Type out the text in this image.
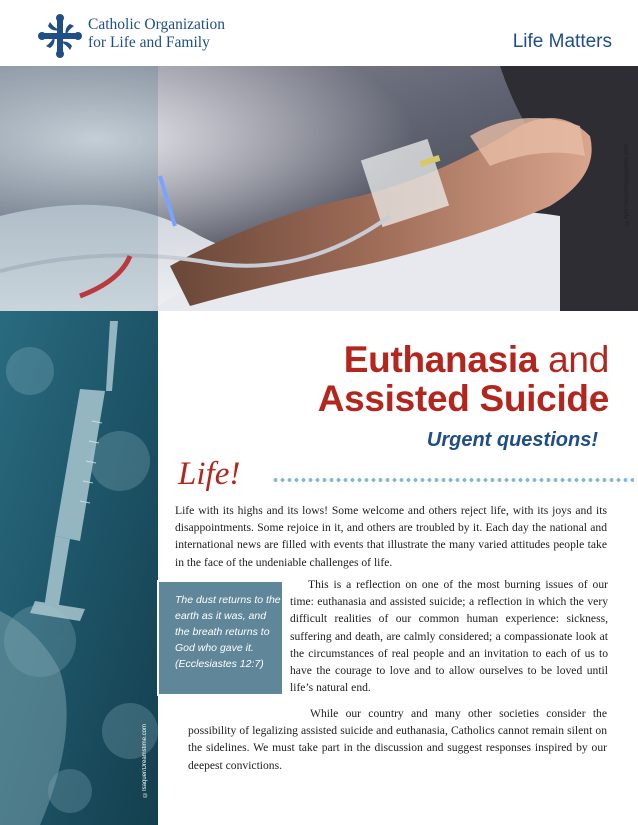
Catholic Organization
for Life and Family	Life Matters
©sprChennel/Stockphoto.com
©Isaquer/Dreamstime.com
The dust returns to the earth as it was, and the breath returns to God who gave it. (Ecclesiastes 12:7)
Euthanasia and
Assisted Suicide
Urgent questions!
Life!

Life with its highs and its lows! Some welcome and others reject life, with its joys and its disappointments. Some rejoice in it, and others are troubled by it. Each day the national and international news are filled with events that illustrate the many varied attitudes people take in the face of the undeniable challenges of life.

This is a reflection on one of the most burning issues of our time: euthanasia and assisted suicide; a reflection in which the very difficult realities of our common human experience: sickness, suffering and death, are calmly considered; a compassionate look at the circumstances of real people and an invitation to each of us to have the courage to love and to allow ourselves to be loved until life’s natural end.

While our country and many other societies consider the possibility of legalizing assisted suicide and euthanasia, Catholics cannot remain silent on the sidelines. We must take part in the discussion and suggest responses inspired by our deepest convictions.
